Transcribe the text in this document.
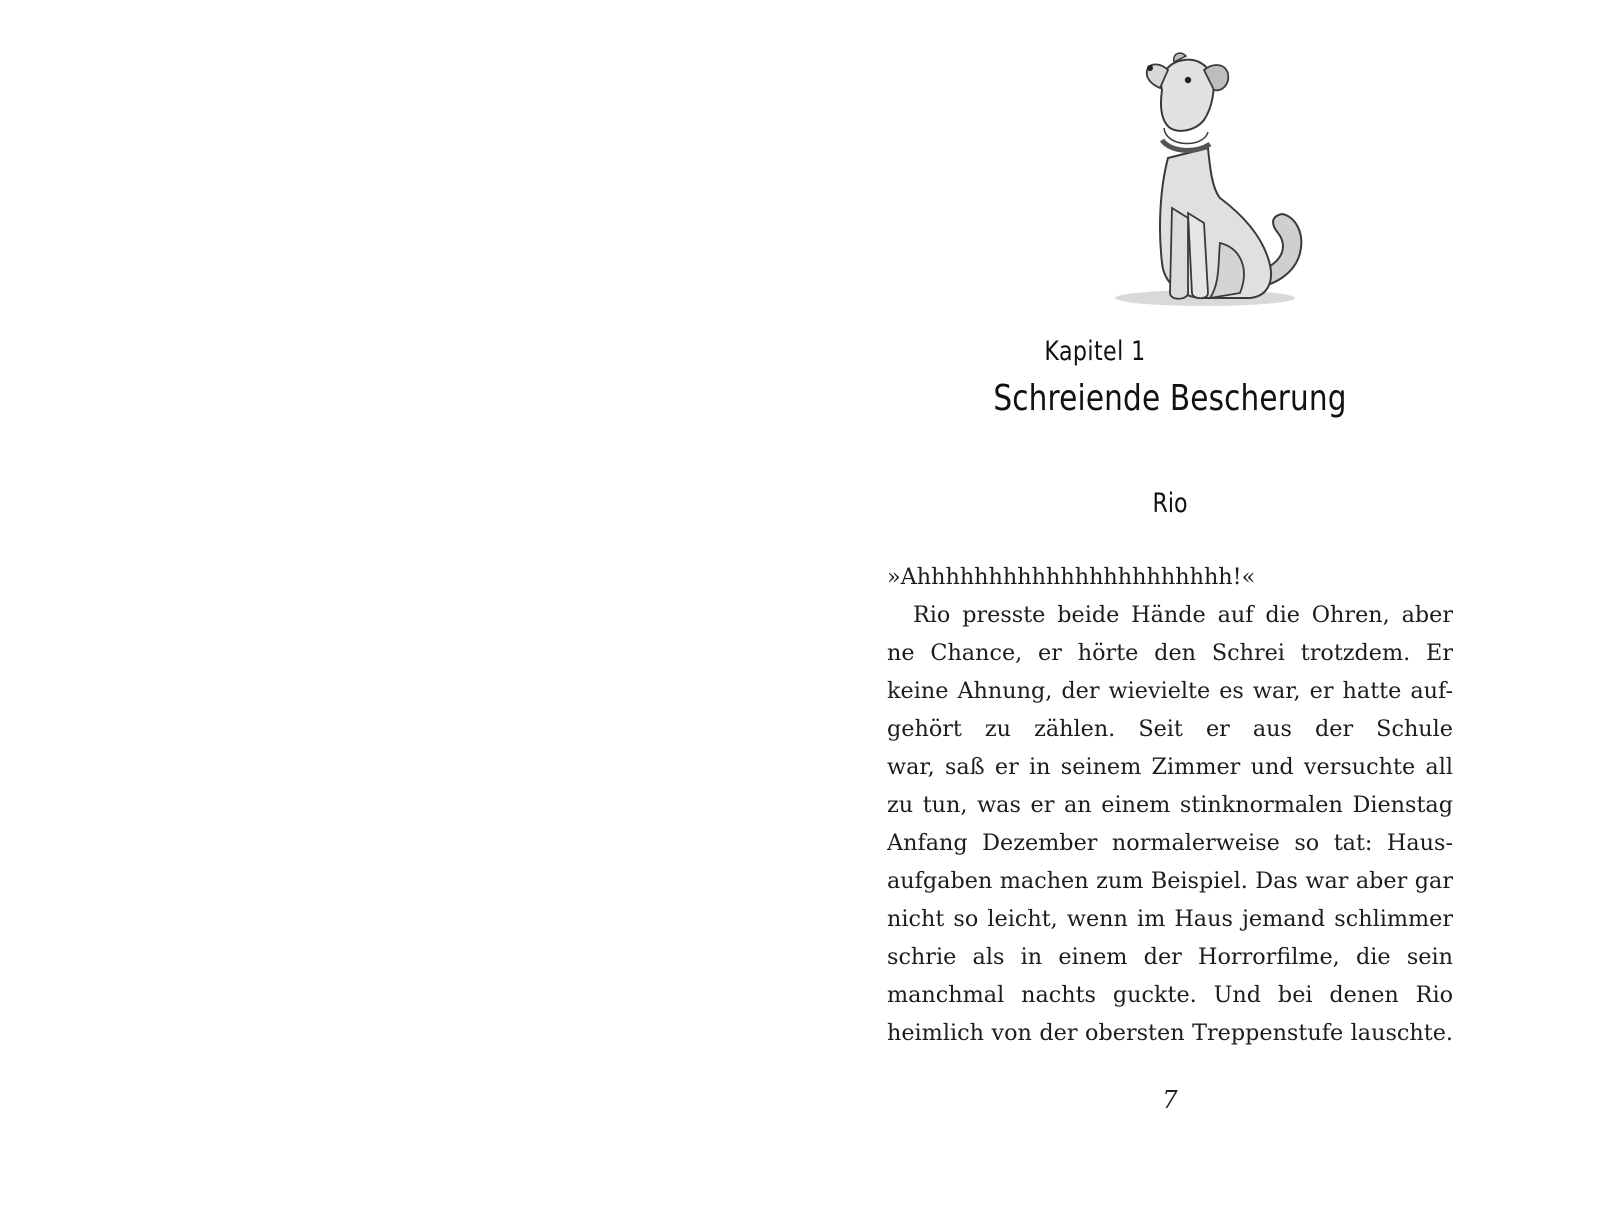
Kapitel 1
Schreiende Bescherung
Rio
»Ahhhhhhhhhhhhhhhhhhhhhh!«
Rio presste beide Hände auf die Ohren, aber
ne Chance, er hörte den Schrei trotzdem. Er
keine Ahnung, der wievielte es war, er hatte auf-
gehört zu zählen. Seit er aus der Schule
war, saß er in seinem Zimmer und versuchte all
zu tun, was er an einem stinknormalen Dienstag
Anfang Dezember normalerweise so tat: Haus-
aufgaben machen zum Beispiel. Das war aber gar
nicht so leicht, wenn im Haus jemand schlimmer
schrie als in einem der Horrorfilme, die sein
manchmal nachts guckte. Und bei denen Rio
heimlich von der obersten Treppenstufe lauschte.
7
